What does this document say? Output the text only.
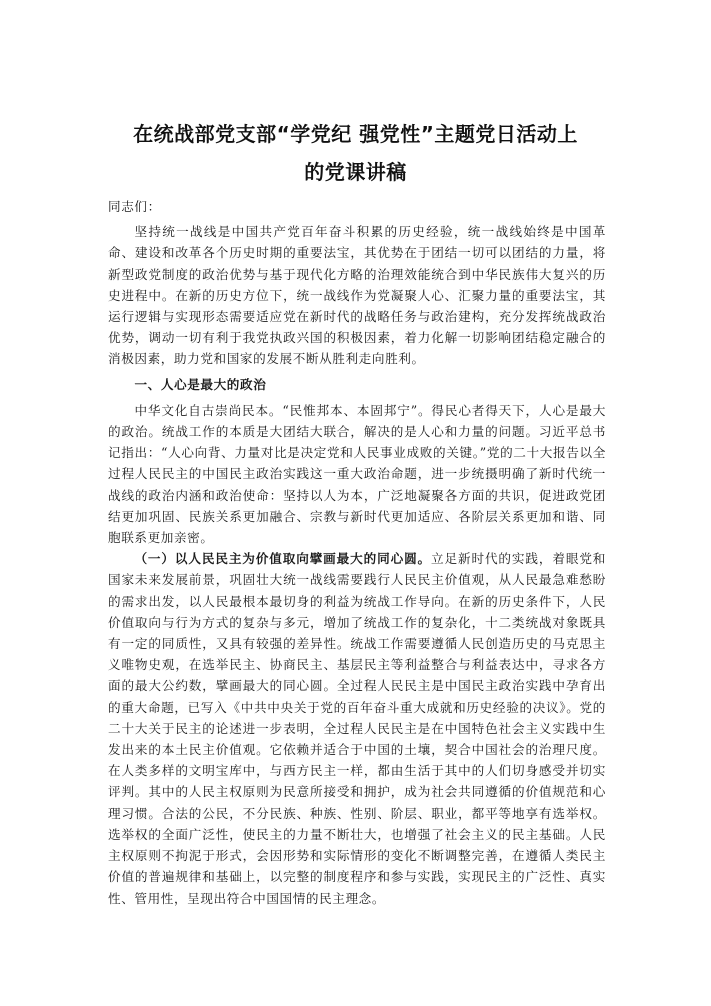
在统战部党支部“学党纪 强党性”主题党日活动上
的党课讲稿

同志们：

坚持统一战线是中国共产党百年奋斗积累的历史经验，统一战线始终是中国革命、建设和改革各个历史时期的重要法宝，其优势在于团结一切可以团结的力量，将新型政党制度的政治优势与基于现代化方略的治理效能统合到中华民族伟大复兴的历史进程中。在新的历史方位下，统一战线作为党凝聚人心、汇聚力量的重要法宝，其运行逻辑与实现形态需要适应党在新时代的战略任务与政治建构，充分发挥统战政治优势，调动一切有利于我党执政兴国的积极因素，着力化解一切影响团结稳定融合的消极因素，助力党和国家的发展不断从胜利走向胜利。

一、人心是最大的政治

中华文化自古崇尚民本。“民惟邦本、本固邦宁”。得民心者得天下，人心是最大的政治。统战工作的本质是大团结大联合，解决的是人心和力量的问题。习近平总书记指出：“人心向背、力量对比是决定党和人民事业成败的关键。”党的二十大报告以全过程人民民主的中国民主政治实践这一重大政治命题，进一步统摄明确了新时代统一战线的政治内涵和政治使命：坚持以人为本，广泛地凝聚各方面的共识，促进政党团结更加巩固、民族关系更加融合、宗教与新时代更加适应、各阶层关系更加和谐、同胞联系更加亲密。

（一）以人民民主为价值取向擘画最大的同心圆。立足新时代的实践，着眼党和国家未来发展前景，巩固壮大统一战线需要践行人民民主价值观，从人民最急难愁盼的需求出发，以人民最根本最切身的利益为统战工作导向。在新的历史条件下，人民价值取向与行为方式的复杂与多元，增加了统战工作的复杂化，十二类统战对象既具有一定的同质性，又具有较强的差异性。统战工作需要遵循人民创造历史的马克思主义唯物史观，在选举民主、协商民主、基层民主等利益整合与利益表达中，寻求各方面的最大公约数，擘画最大的同心圆。全过程人民民主是中国民主政治实践中孕育出的重大命题，已写入《中共中央关于党的百年奋斗重大成就和历史经验的决议》。党的二十大关于民主的论述进一步表明，全过程人民民主是在中国特色社会主义实践中生发出来的本土民主价值观。它依赖并适合于中国的土壤，契合中国社会的治理尺度。在人类多样的文明宝库中，与西方民主一样，都由生活于其中的人们切身感受并切实评判。其中的人民主权原则为民意所接受和拥护，成为社会共同遵循的价值规范和心理习惯。合法的公民，不分民族、种族、性别、阶层、职业，都平等地享有选举权。选举权的全面广泛性，使民主的力量不断壮大，也增强了社会主义的民主基础。人民主权原则不拘泥于形式，会因形势和实际情形的变化不断调整完善，在遵循人类民主价值的普遍规律和基础上，以完整的制度程序和参与实践，实现民主的广泛性、真实性、管用性，呈现出符合中国国情的民主理念。
